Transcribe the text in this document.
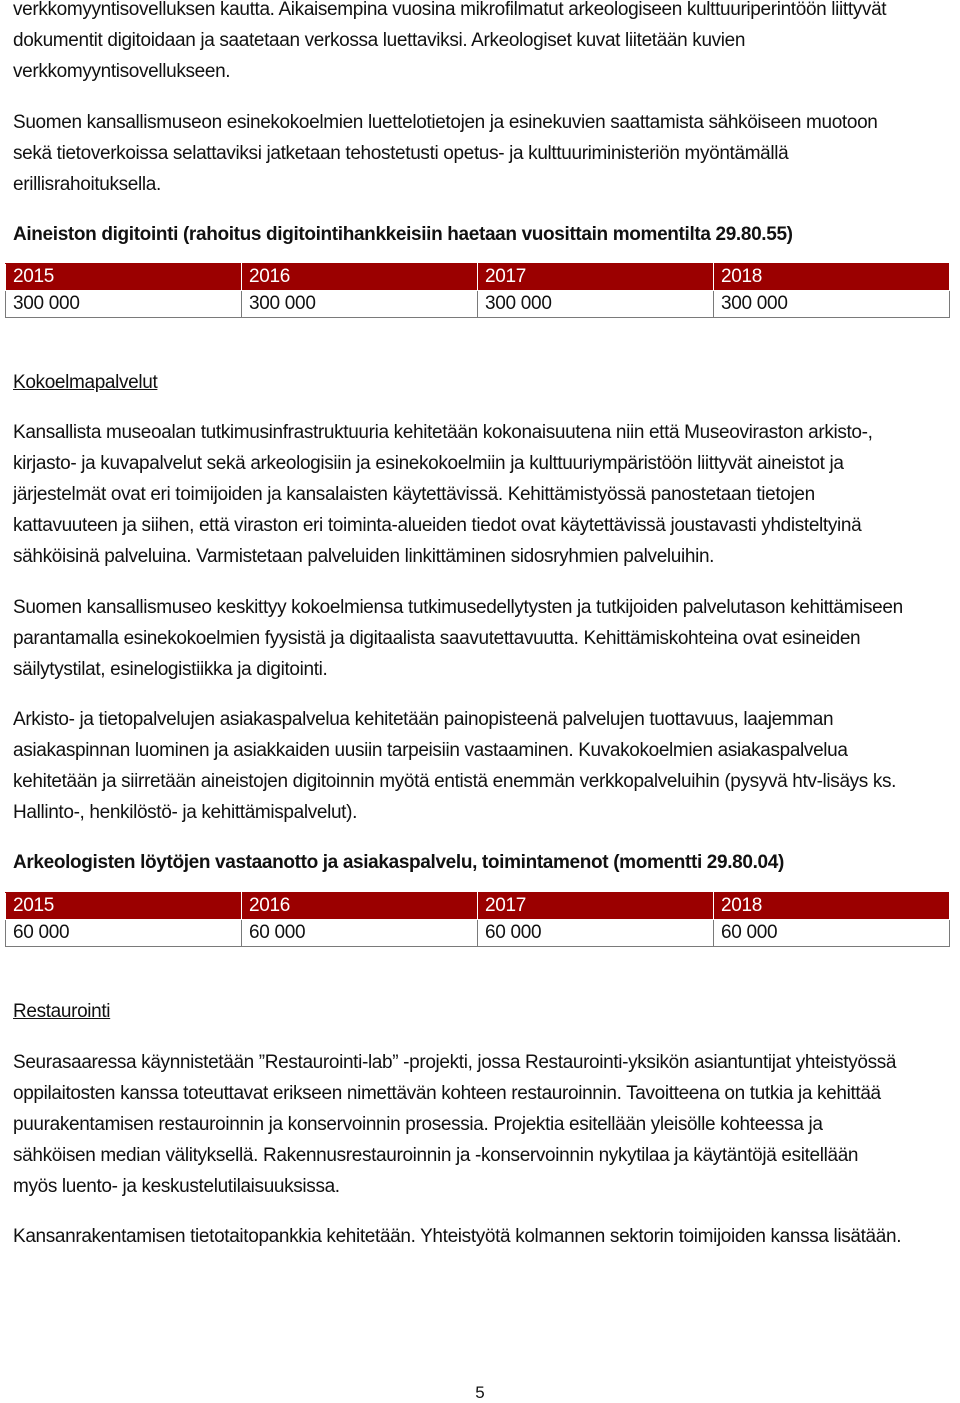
verkkomyyntisovelluksen kautta. Aikaisempina vuosina mikrofilmatut arkeologiseen kulttuuriperintöön liittyvät

dokumentit digitoidaan ja saatetaan verkossa luettaviksi. Arkeologiset kuvat liitetään kuvien

verkkomyyntisovellukseen.

Suomen kansallismuseon esinekokoelmien luettelotietojen ja esinekuvien saattamista sähköiseen muotoon

sekä tietoverkoissa selattaviksi jatketaan tehostetusti opetus- ja kulttuuriministeriön myöntämällä

erillisrahoituksella.

Aineiston digitointi (rahoitus digitointihankkeisiin haetaan vuosittain momentilta 29.80.55)
2015	2016	2017	2018
300 000	300 000	300 000	300 000
Kokoelmapalvelut

Kansallista museoalan tutkimusinfrastruktuuria kehitetään kokonaisuutena niin että Museoviraston arkisto-,

kirjasto- ja kuvapalvelut sekä arkeologisiin ja esinekokoelmiin ja kulttuuriympäristöön liittyvät aineistot ja

järjestelmät ovat eri toimijoiden ja kansalaisten käytettävissä. Kehittämistyössä panostetaan tietojen

kattavuuteen ja siihen, että viraston eri toiminta-alueiden tiedot ovat käytettävissä joustavasti yhdisteltyinä

sähköisinä palveluina. Varmistetaan palveluiden linkittäminen sidosryhmien palveluihin.

Suomen kansallismuseo keskittyy kokoelmiensa tutkimusedellytysten ja tutkijoiden palvelutason kehittämiseen

parantamalla esinekokoelmien fyysistä ja digitaalista saavutettavuutta. Kehittämiskohteina ovat esineiden

säilytystilat, esinelogistiikka ja digitointi.

Arkisto- ja tietopalvelujen asiakaspalvelua kehitetään painopisteenä palvelujen tuottavuus, laajemman

asiakaspinnan luominen ja asiakkaiden uusiin tarpeisiin vastaaminen. Kuvakokoelmien asiakaspalvelua

kehitetään ja siirretään aineistojen digitoinnin myötä entistä enemmän verkkopalveluihin (pysyvä htv-lisäys ks.

Hallinto-, henkilöstö- ja kehittämispalvelut).

Arkeologisten löytöjen vastaanotto ja asiakaspalvelu, toimintamenot (momentti 29.80.04)
2015	2016	2017	2018
60 000	60 000	60 000	60 000
Restaurointi

Seurasaaressa käynnistetään ”Restaurointi-lab” -projekti, jossa Restaurointi-yksikön asiantuntijat yhteistyössä

oppilaitosten kanssa toteuttavat erikseen nimettävän kohteen restauroinnin. Tavoitteena on tutkia ja kehittää

puurakentamisen restauroinnin ja konservoinnin prosessia. Projektia esitellään yleisölle kohteessa ja

sähköisen median välityksellä. Rakennusrestauroinnin ja -konservoinnin nykytilaa ja käytäntöjä esitellään

myös luento- ja keskustelutilaisuuksissa.

Kansanrakentamisen tietotaitopankkia kehitetään. Yhteistyötä kolmannen sektorin toimijoiden kanssa lisätään.

5
